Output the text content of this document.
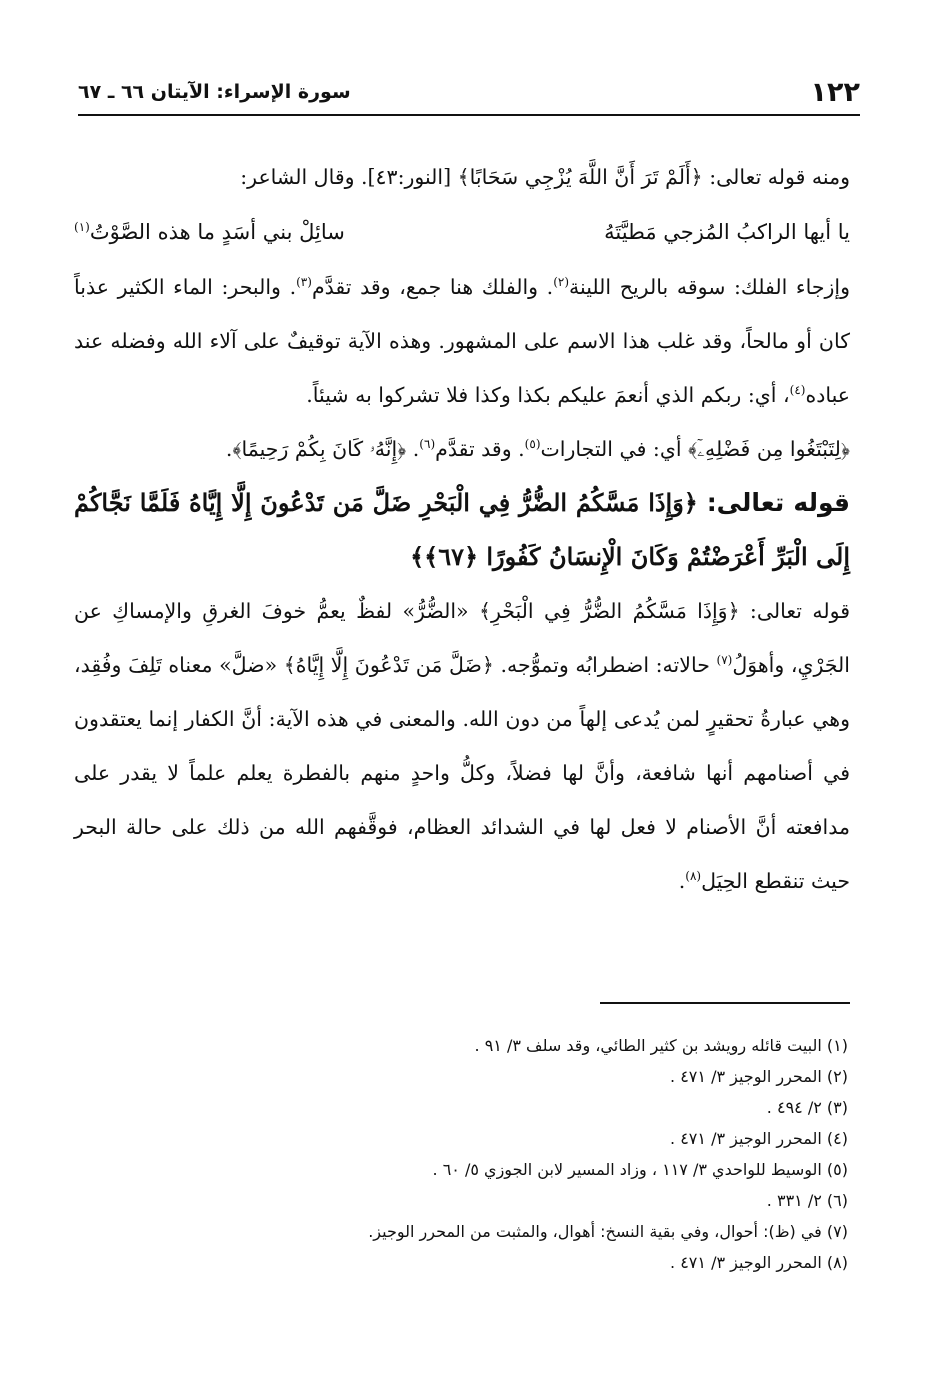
١٢٢
سورة الإسراء: الآيتان ٦٦ ـ ٦٧

ومنه قوله تعالى: ﴿أَلَمْ تَرَ أَنَّ اللَّهَ يُزْجِي سَحَابًا﴾ [النور:٤٣]. وقال الشاعر:

يا أيها الراكبُ المُزجي مَطيَّتَهُ
سائِلْ بني أسَدٍ ما هذه الصَّوْتُ$^{(١)}$

وإزجاء الفلك: سوقه بالريح اللينة$^{(٢)}$. والفلك هنا جمع، وقد تقدَّم$^{(٣)}$. والبحر: الماء الكثير عذباً كان أو مالحاً، وقد غلب هذا الاسم على المشهور. وهذه الآية توقيفٌ على آلاء الله وفضله عند عباده$^{(٤)}$، أي: ربكم الذي أنعمَ عليكم بكذا وكذا فلا تشركوا به شيئاً.

﴿لِتَبْتَغُوا مِن فَضْلِهِۦٓ﴾ أي: في التجارات$^{(٥)}$. وقد تقدَّم$^{(٦)}$. ﴿إِنَّهُۥ كَانَ بِكُمْ رَحِيمًا﴾.

قوله تعالى: ﴿وَإِذَا مَسَّكُمُ الضُّرُّ فِي الْبَحْرِ ضَلَّ مَن تَدْعُونَ إِلَّا إِيَّاهُ فَلَمَّا نَجَّاكُمْ إِلَى الْبَرِّ أَعْرَضْتُمْ وَكَانَ الْإِنسَانُ كَفُورًا ﴿٦٧﴾﴾

قوله تعالى: ﴿وَإِذَا مَسَّكُمُ الضُّرُّ فِي الْبَحْرِ﴾ «الضُّرُّ» لفظٌ يعمُّ خوفَ الغرقِ والإمساكِ عن الجَرْيِ، وأهوَلُ$^{(٧)}$ حالاته: اضطرابُه وتموُّجه. ﴿ضَلَّ مَن تَدْعُونَ إِلَّا إِيَّاهُ﴾ «ضلَّ» معناه تَلِفَ وفُقِد، وهي عبارةُ تحقيرٍ لمن يُدعى إلهاً من دون الله. والمعنى في هذه الآية: أنَّ الكفار إنما يعتقدون في أصنامهم أنها شافعة، وأنَّ لها فضلاً، وكلُّ واحدٍ منهم بالفطرة يعلم علماً لا يقدر على مدافعته أنَّ الأصنام لا فعل لها في الشدائد العظام، فوقَّفهم الله من ذلك على حالة البحر حيث تنقطع الحِيَل$^{(٨)}$.

(١) البيت قائله رويشد بن كثير الطائي، وقد سلف ٣/ ٩١ .
(٢) المحرر الوجيز ٣/ ٤٧١ .
(٣) ٢/ ٤٩٤ .
(٤) المحرر الوجيز ٣/ ٤٧١ .
(٥) الوسيط للواحدي ٣/ ١١٧ ، وزاد المسير لابن الجوزي ٥/ ٦٠ .
(٦) ٢/ ٣٣١ .
(٧) في (ظ): أحوال، وفي بقية النسخ: أهوال، والمثبت من المحرر الوجيز.
(٨) المحرر الوجيز ٣/ ٤٧١ .
